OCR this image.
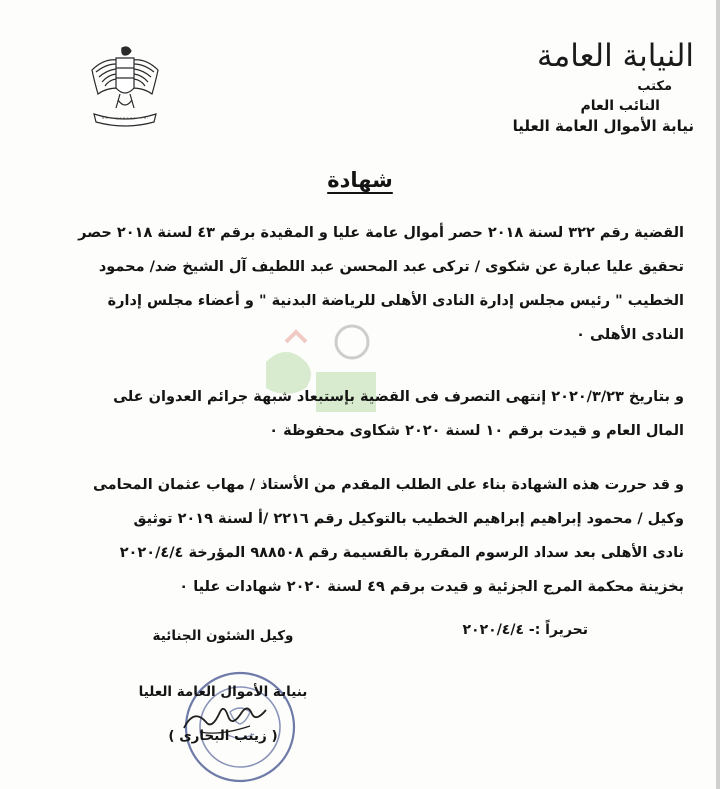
النيابة العامة
مكتب
النائب العام
نيابة الأموال العامة العليا
شهادة
القضية رقم ٣٢٢ لسنة ٢٠١٨ حصر أموال عامة عليا و المقيدة برقم ٤٣ لسنة ٢٠١٨ حصر
تحقيق عليا عبارة عن شكوى / تركى عبد المحسن عبد اللطيف آل الشيخ ضد/ محمود
الخطيب " رئيس مجلس إدارة النادى الأهلى للرياضة البدنية " و أعضاء مجلس إدارة
النادى الأهلى ٠
و بتاريخ ٢٠٢٠/٣/٢٣ إنتهى التصرف فى القضية بإستبعاد شبهة جرائم العدوان على
المال العام و قيدت برقم ١٠ لسنة ٢٠٢٠ شكاوى محفوظة ٠
و قد حررت هذه الشهادة بناء على الطلب المقدم من الأستاذ / مهاب عثمان المحامى
وكيل / محمود إبراهيم إبراهيم الخطيب بالتوكيل رقم ٢٢١٦ /أ لسنة ٢٠١٩ توثيق
نادى الأهلى بعد سداد الرسوم المقررة بالقسيمة رقم ٩٨٨٥٠٨ المؤرخة ٢٠٢٠/٤/٤
بخزينة محكمة المرج الجزئية و قيدت برقم ٤٩ لسنة ٢٠٢٠ شهادات عليا ٠
تحريراً :- ٢٠٢٠/٤/٤
وكيل الشئون الجنائية
بنيابة الأموال العامة العليا
( زينب البحارى )
